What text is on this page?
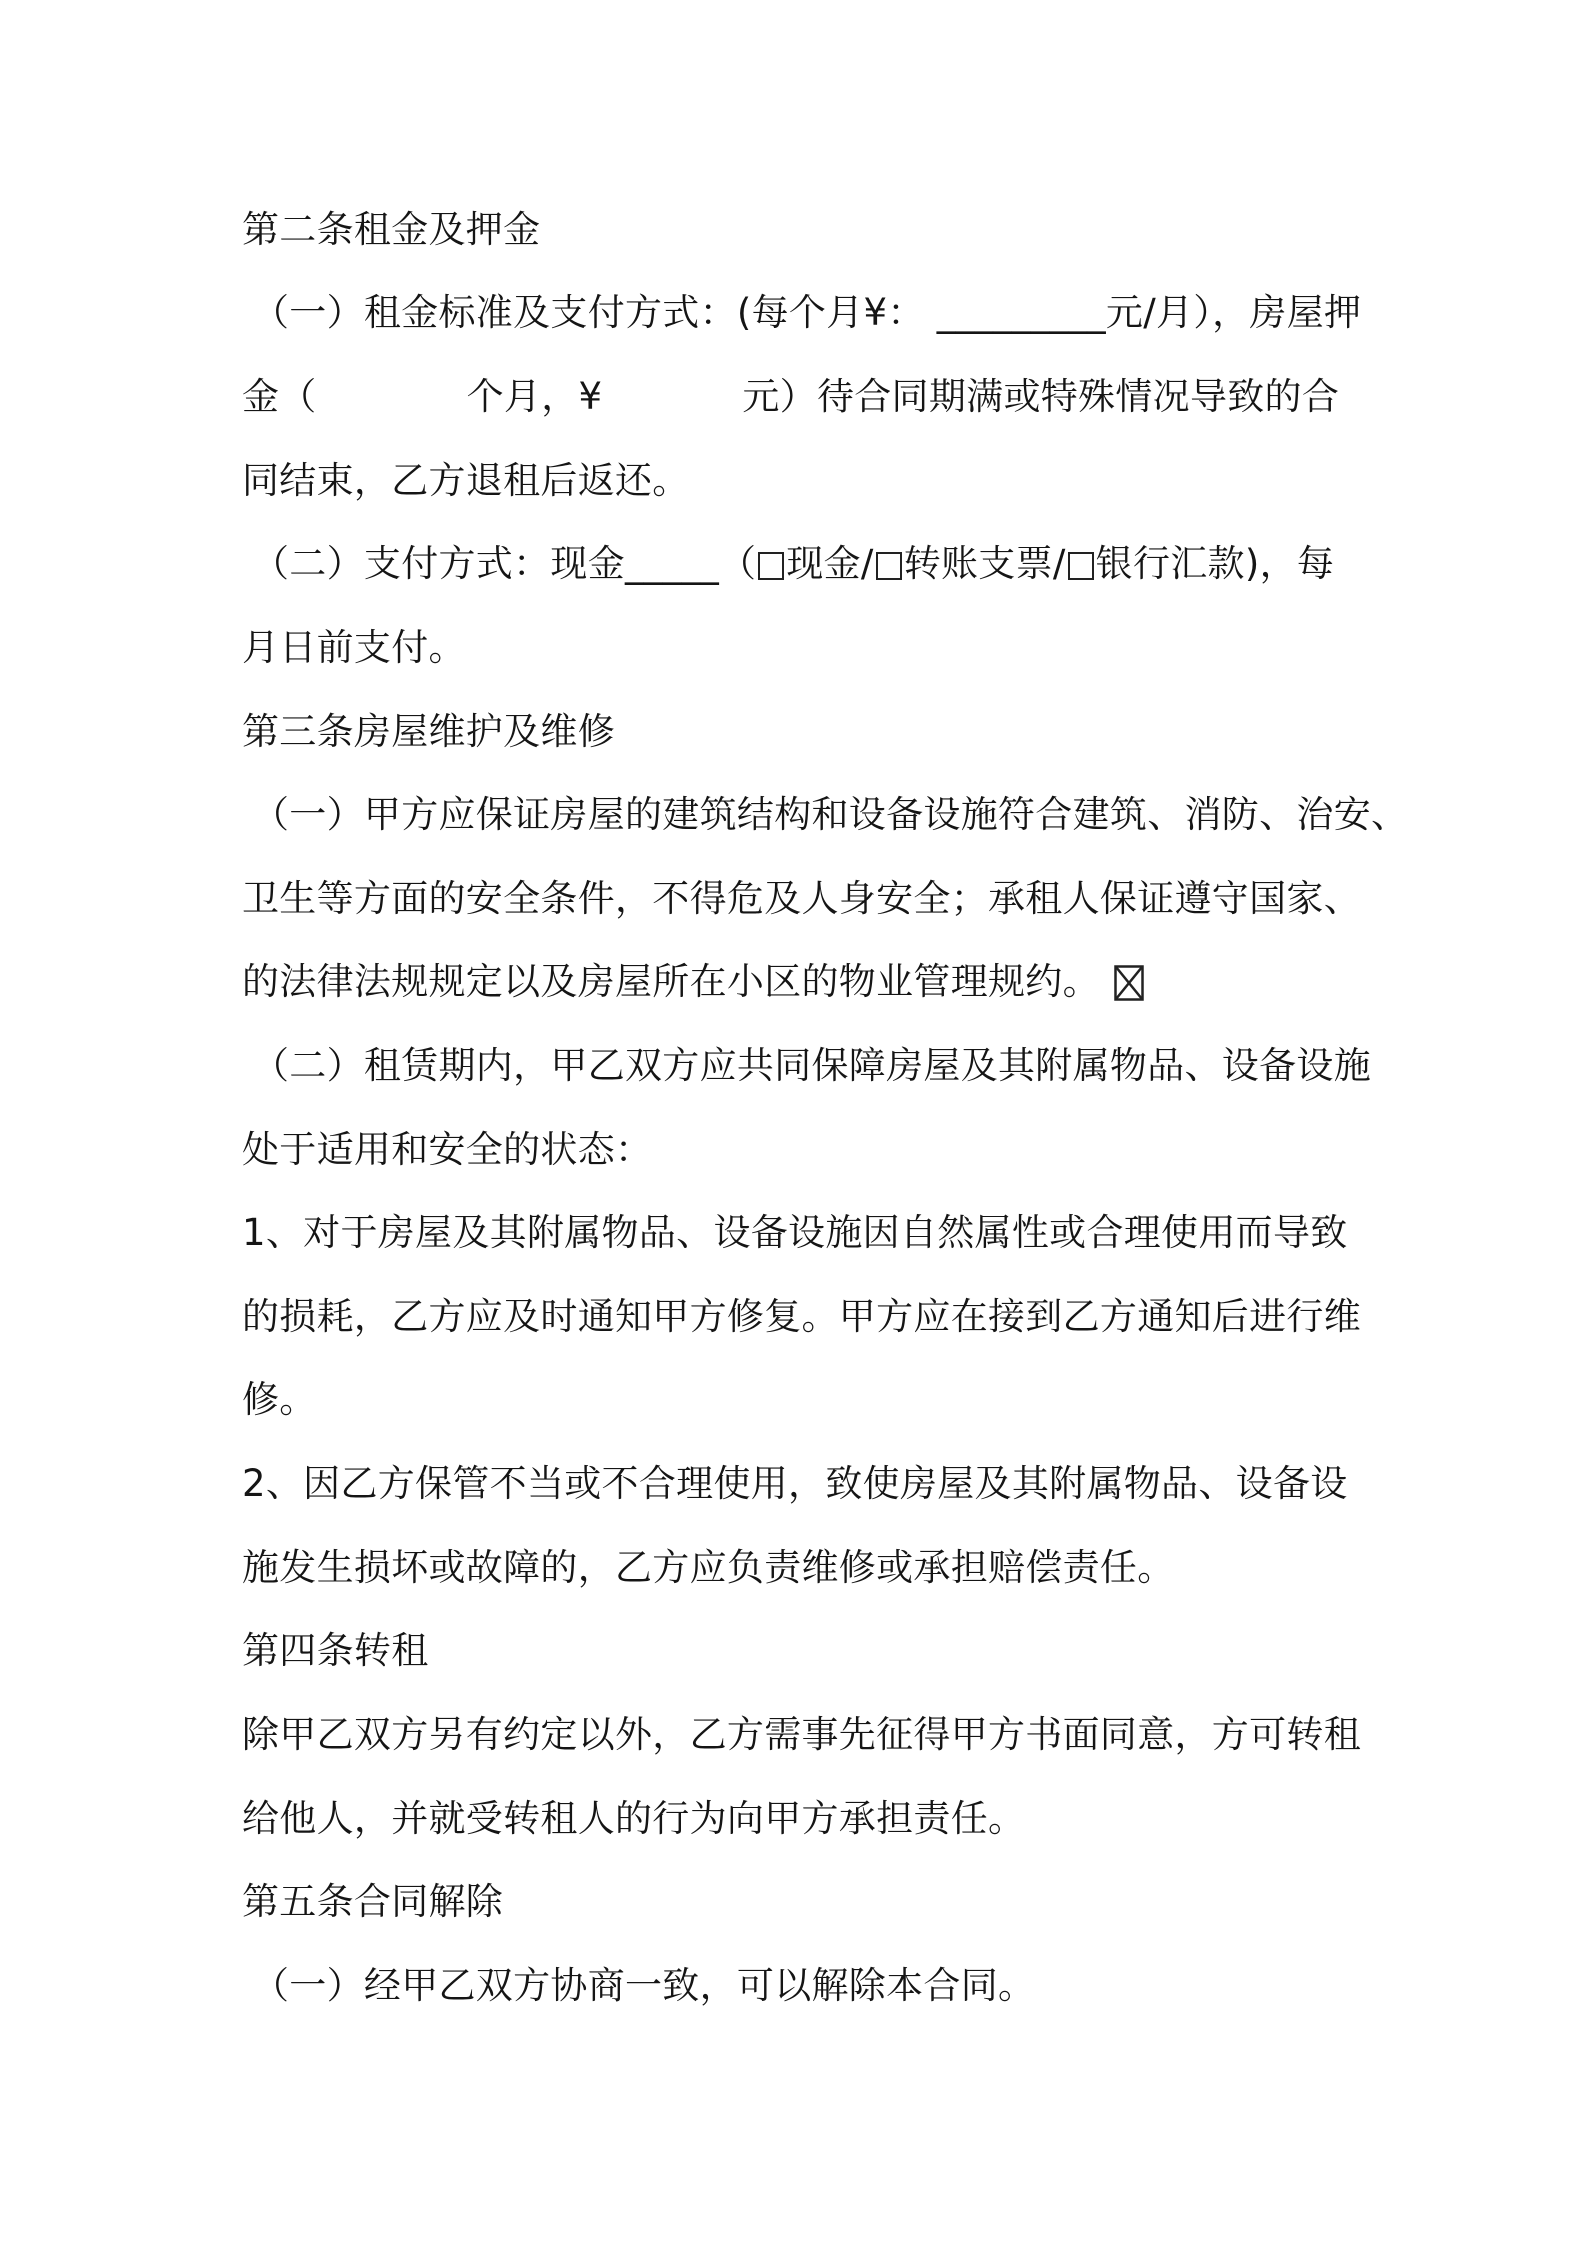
第二条租金及押金
（一）租金标准及支付方式：(每个月¥： _________元/月），房屋押
金（	个月，¥	元）待合同期满或特殊情况导致的合
同结束，乙方退租后返还。
（二）支付方式：现金_____（ 现金/ 转账支票/ 银行汇款)，每
月日前支付。
第三条房屋维护及维修
（一）甲方应保证房屋的建筑结构和设备设施符合建筑、消防、治安、
卫生等方面的安全条件，不得危及人身安全；承租人保证遵守国家、
的法律法规规定以及房屋所在小区的物业管理规约。
（二）租赁期内，甲乙双方应共同保障房屋及其附属物品、设备设施
处于适用和安全的状态：
1、对于房屋及其附属物品、设备设施因自然属性或合理使用而导致
的损耗，乙方应及时通知甲方修复。甲方应在接到乙方通知后进行维
修。
2、因乙方保管不当或不合理使用，致使房屋及其附属物品、设备设
施发生损坏或故障的，乙方应负责维修或承担赔偿责任。
第四条转租
除甲乙双方另有约定以外，乙方需事先征得甲方书面同意，方可转租
给他人，并就受转租人的行为向甲方承担责任。
第五条合同解除
（一）经甲乙双方协商一致，可以解除本合同。
